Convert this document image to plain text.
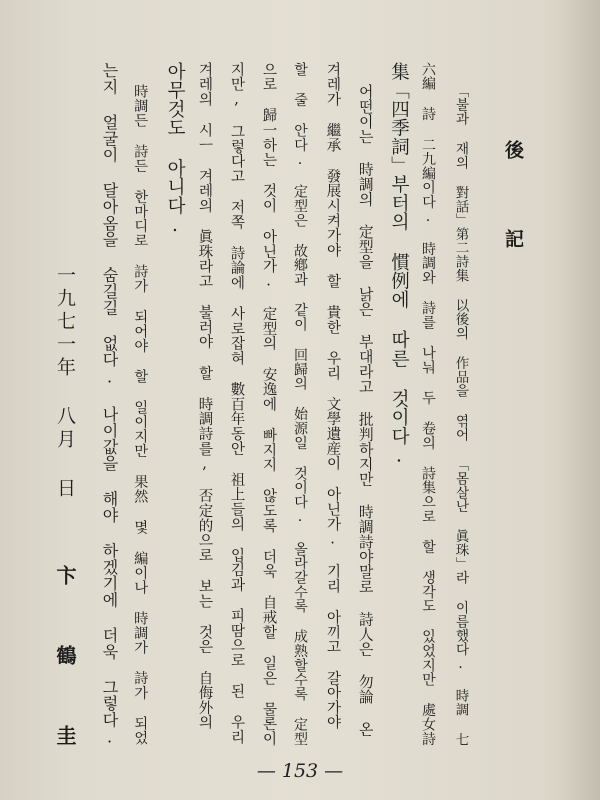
後記
「불과 재의 對話」第二詩集 以後의 作品을 엮어 「몸살난 眞珠」라 이름했다. 時調 七
六編 詩 二九編이다. 時調와 詩를 나눠 두 卷의 詩集으로 할 생각도 있었지만 處女詩
集「四季詞」부터의 慣例에 따른 것이다.
어떤이는 時調의 定型을 낡은 부대라고 批判하지만 時調詩야말로 詩人은 勿論 온
겨레가 繼承 發展시켜가야 할 貴한 우리 文學遺産이 아닌가. 기리 아끼고 갈아가야
할 줄 안다. 定型은 故鄕과 같이 回歸의 始源일 것이다. 올라갈수록 成熟할수록 定型
으로 歸一하는 것이 아닌가. 定型의 安逸에 빠지지 않도록 더욱 自戒할 일은 물론이
지만, 그렇다고 저쪽 詩論에 사로잡혀 數百年동안 祖上들의 입김과 피땀으로 된 우리
겨레의 시ㅡ 겨레의 眞珠라고 불러야 할 時調詩를, 否定的으로 보는 것은 自侮外의
아무것도 아니다.
時調든 詩든 한마디로 詩가 되어야 할 일이지만 果然 몇 編이나 時調가 詩가 되었
는지 얼굴이 달아옴을 숨길길 없다. 나이값을 해야 하겠기에 더욱 그렇다.
一九七一年 八月 日
卞 鶴 圭
— 153 —
